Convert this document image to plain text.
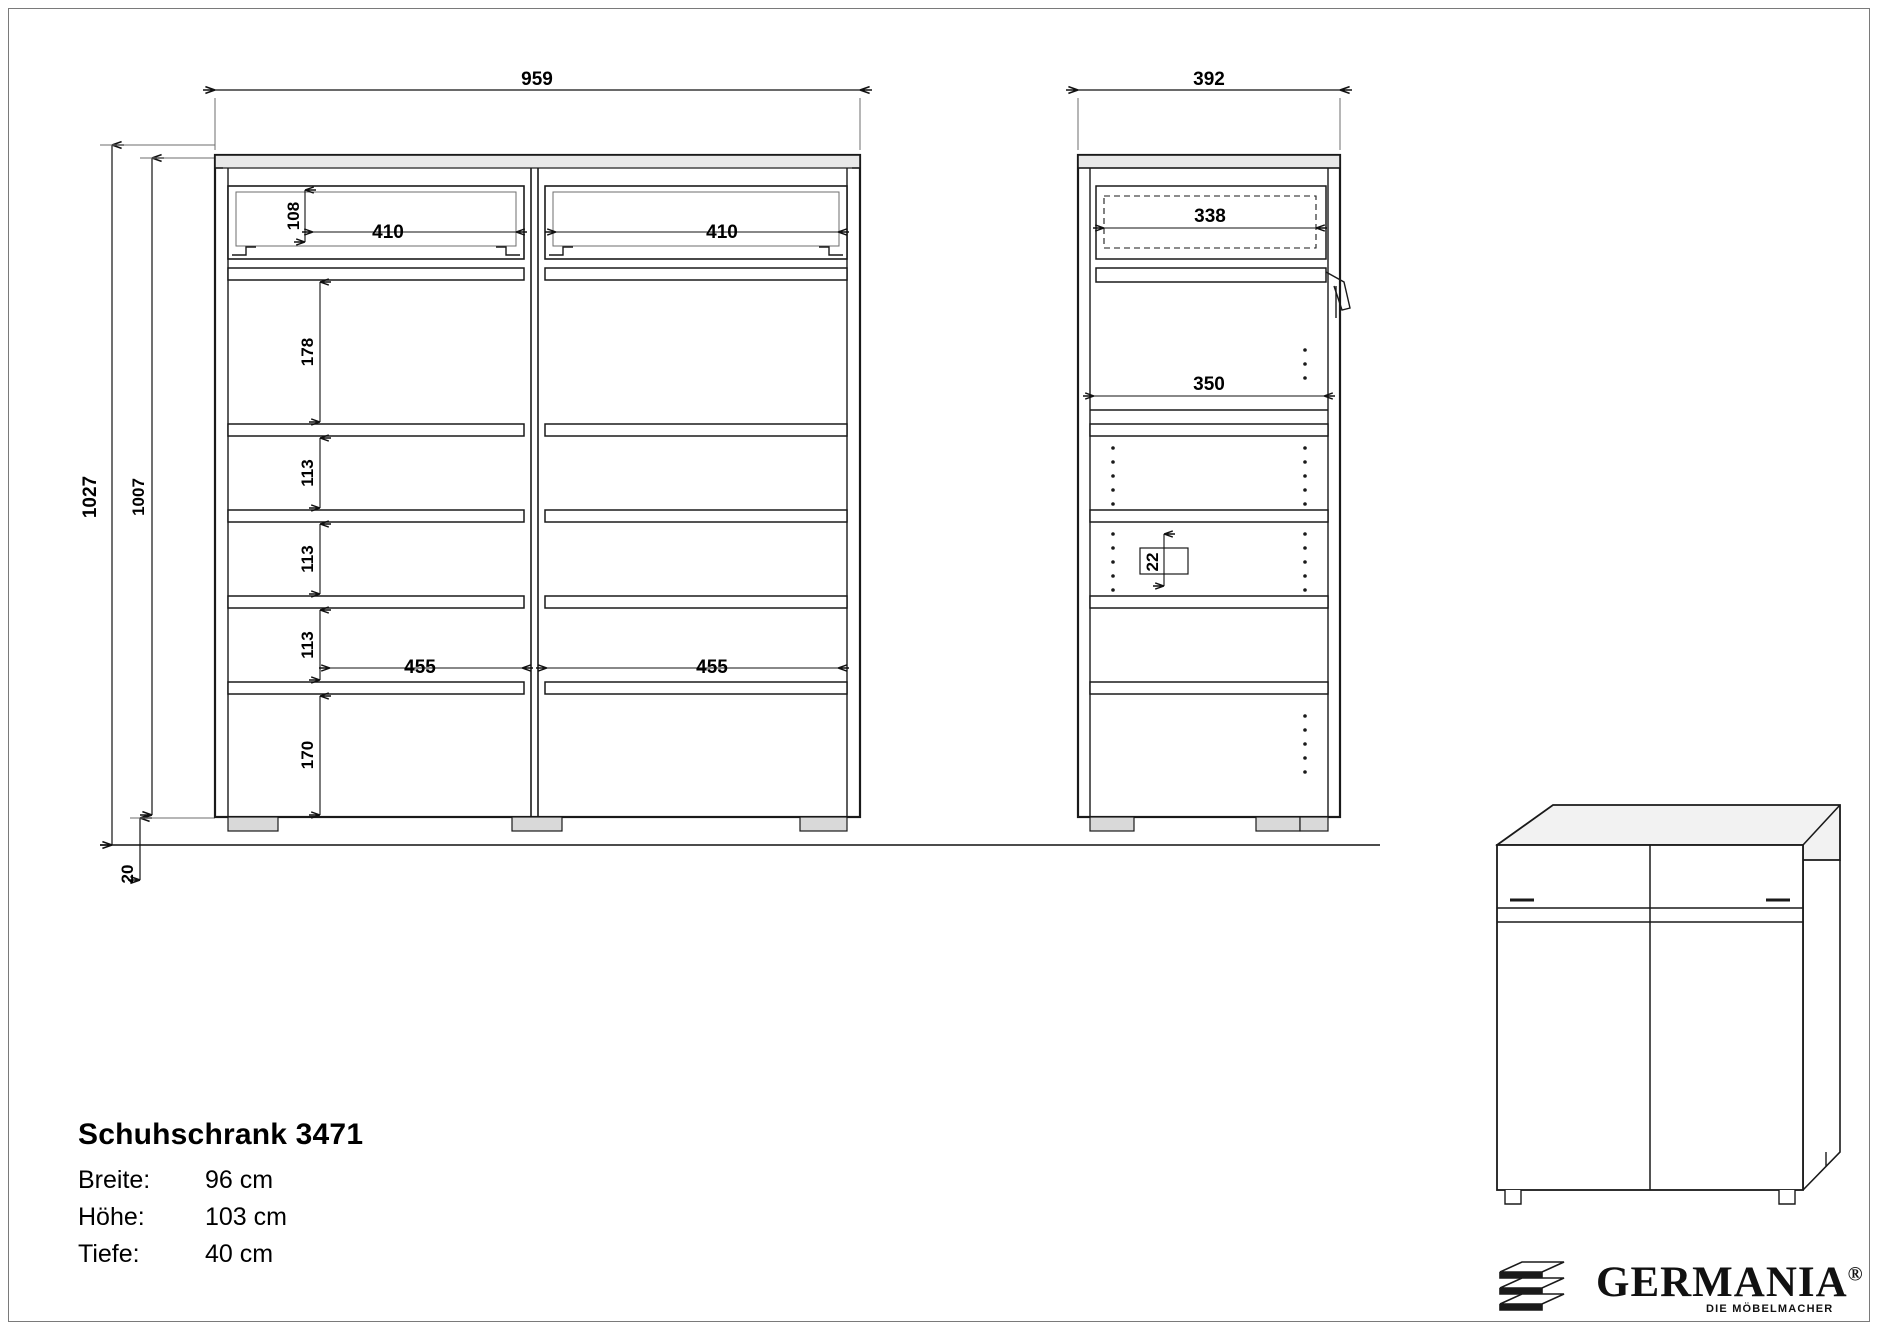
959
1027 1007
20
108
410	410
178
113
113
113
170
455	455
392
338
350
22
Schuhschrank 3471
Breite: 96 cm
Höhe: 103 cm
Tiefe:	40 cm
GERMANIA®
DIE MÖBELMACHER
